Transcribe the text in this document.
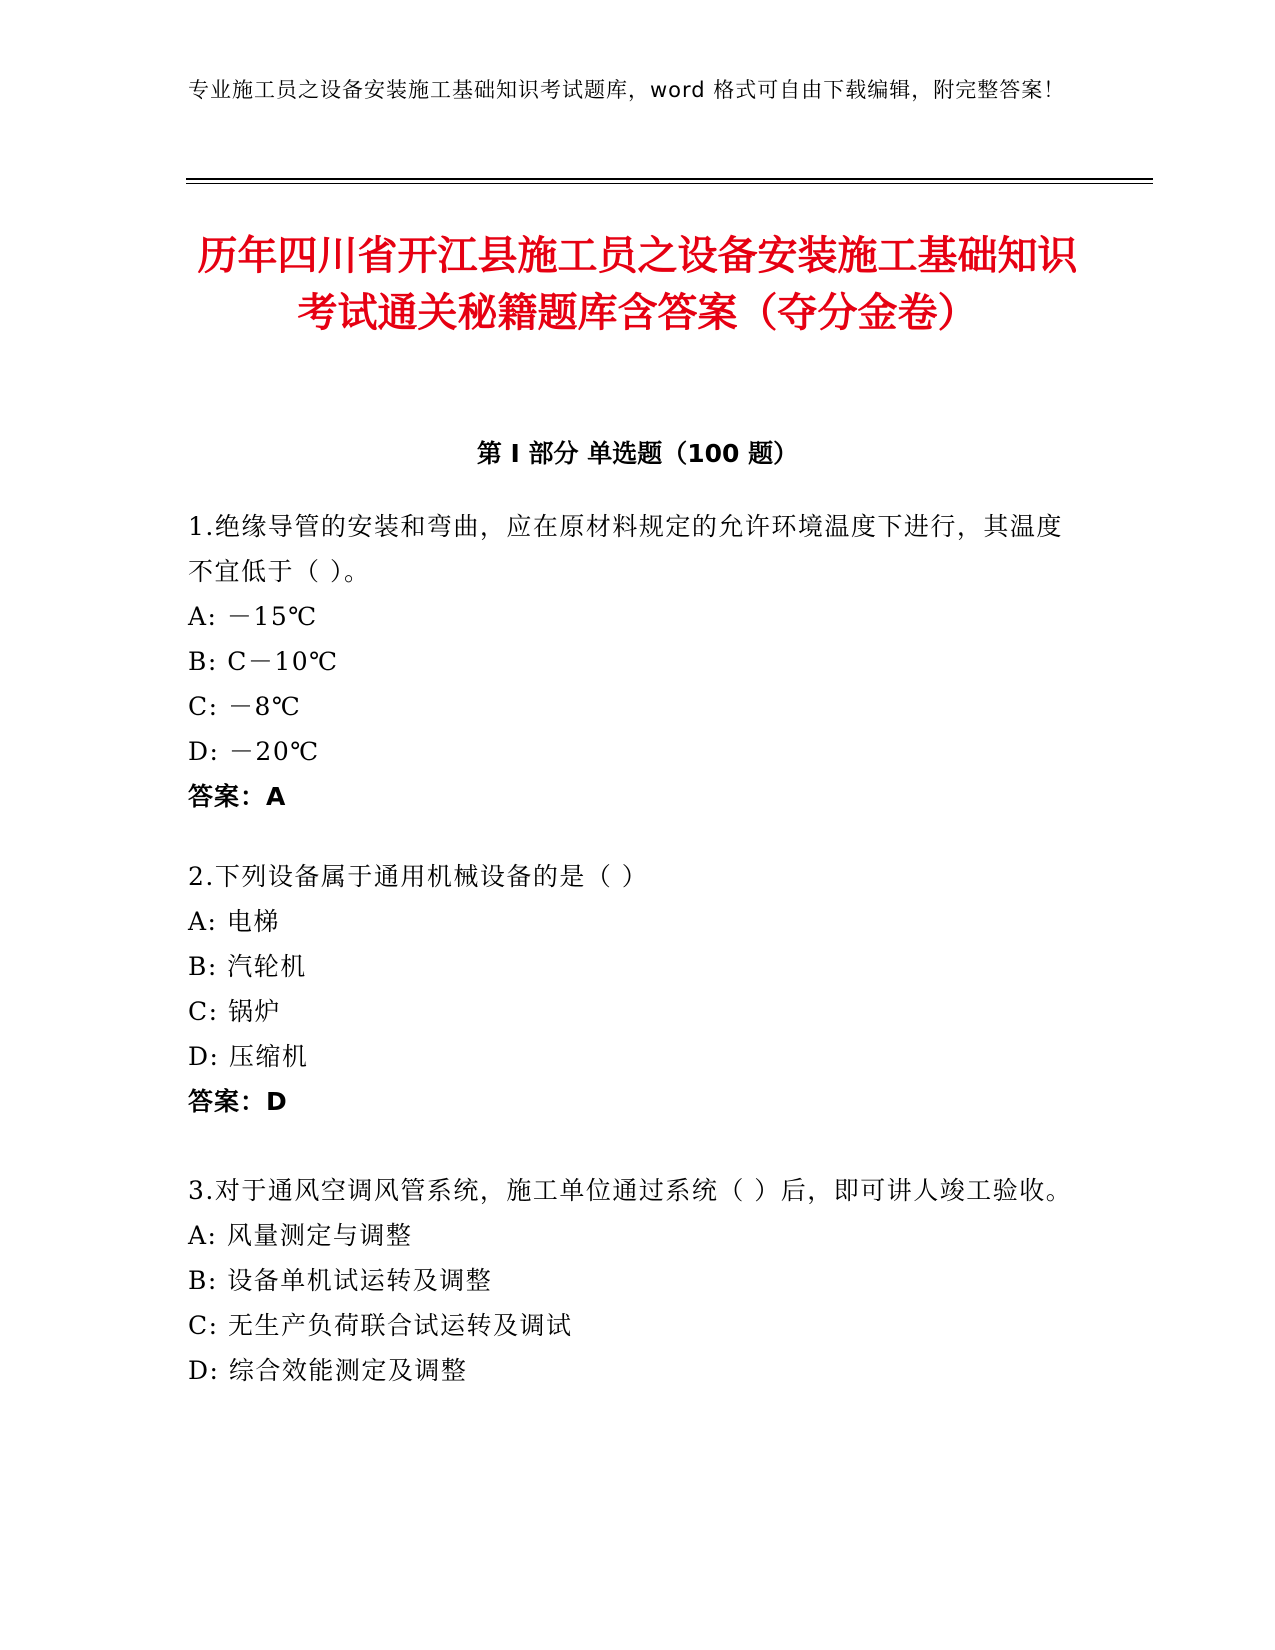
专业施工员之设备安装施工基础知识考试题库，word 格式可自由下载编辑，附完整答案！
历年四川省开江县施工员之设备安装施工基础知识考试通关秘籍题库含答案（夺分金卷）
第 I 部分 单选题（100 题）
1.绝缘导管的安装和弯曲，应在原材料规定的允许环境温度下进行，其温度不宜低于（ ）。
A: －15℃
B: C－10℃
C: －8℃
D: －20℃
答案：A
2.下列设备属于通用机械设备的是（ ）
A: 电梯
B: 汽轮机
C: 锅炉
D: 压缩机
答案：D
3.对于通风空调风管系统，施工单位通过系统（ ）后，即可讲人竣工验收。
A: 风量测定与调整
B: 设备单机试运转及调整
C: 无生产负荷联合试运转及调试
D: 综合效能测定及调整
